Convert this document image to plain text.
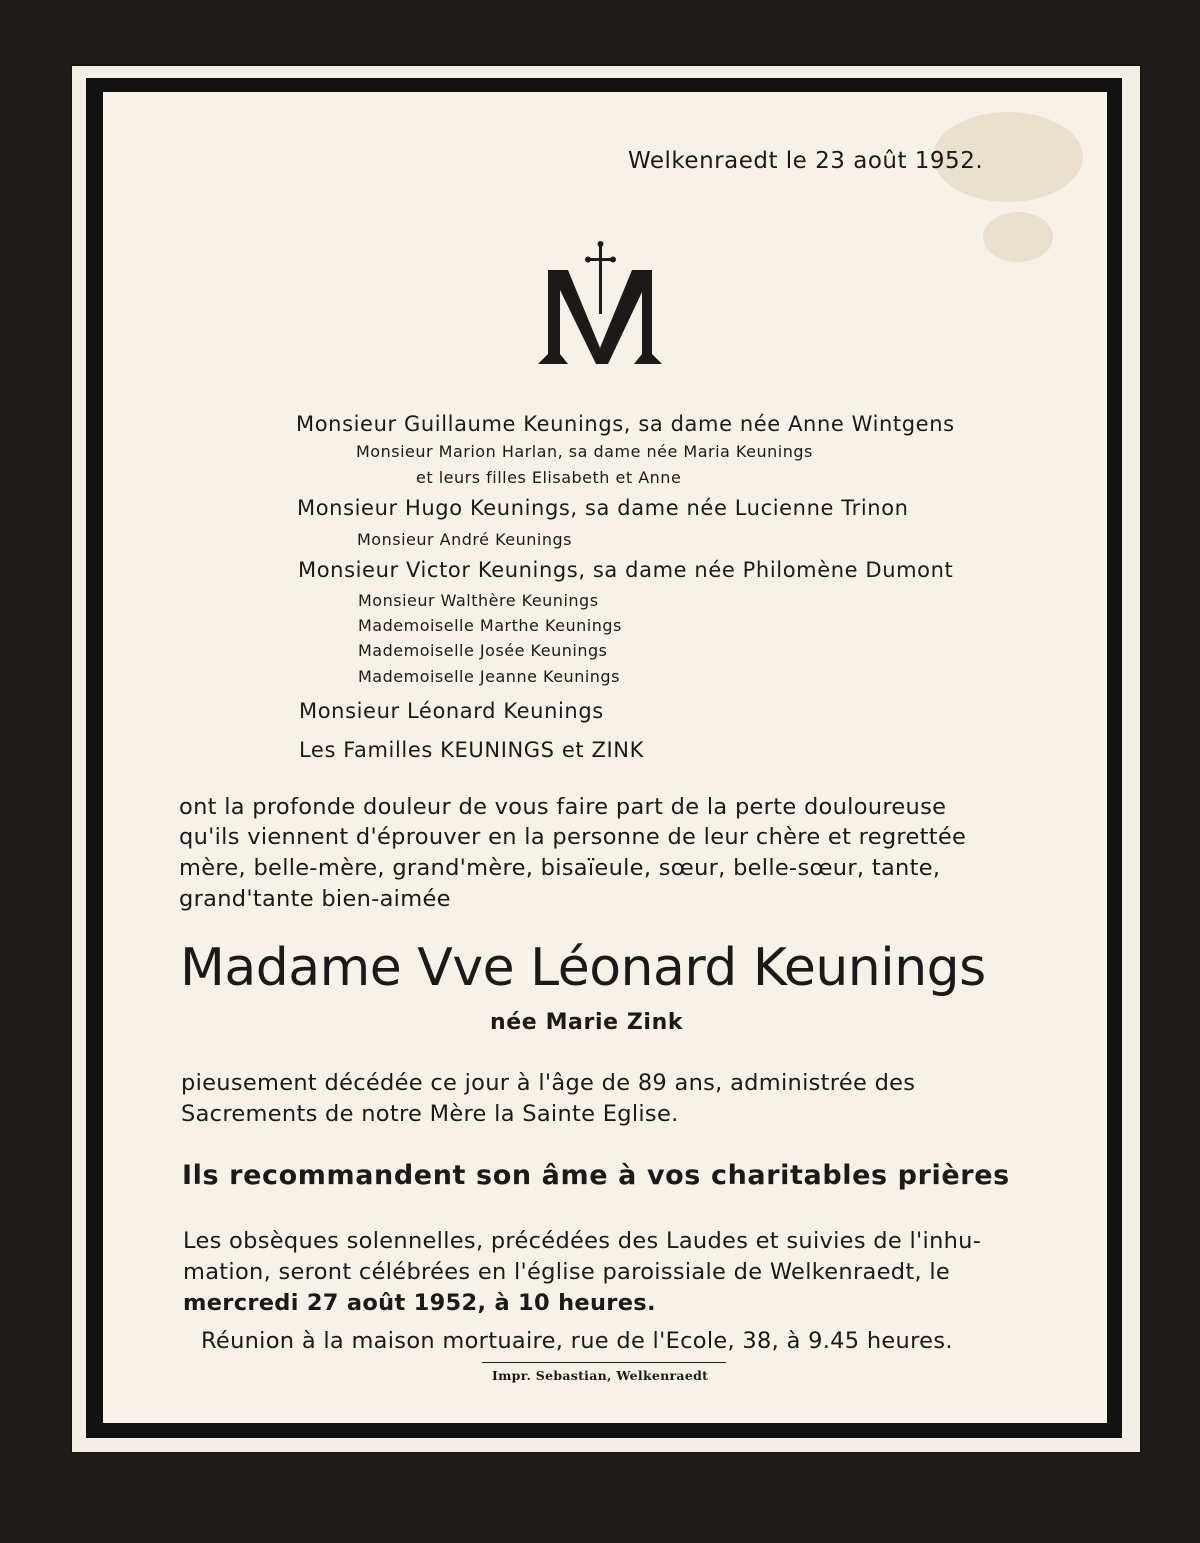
Welkenraedt le 23 août 1952.
Monsieur Guillaume Keunings, sa dame née Anne Wintgens
Monsieur Marion Harlan, sa dame née Maria Keunings
et leurs filles Elisabeth et Anne
Monsieur Hugo Keunings, sa dame née Lucienne Trinon
Monsieur André Keunings
Monsieur Victor Keunings, sa dame née Philomène Dumont
Monsieur Walthère Keunings
Mademoiselle Marthe Keunings
Mademoiselle Josée Keunings
Mademoiselle Jeanne Keunings
Monsieur Léonard Keunings
Les Familles KEUNINGS et ZINK
ont la profonde douleur de vous faire part de la perte douloureuse
qu'ils viennent d'éprouver en la personne de leur chère et regrettée
mère, belle-mère, grand'mère, bisaïeule, sœur, belle-sœur, tante,
grand'tante bien-aimée
Madame Vve Léonard Keunings
née Marie Zink
pieusement décédée ce jour à l'âge de 89 ans, administrée des
Sacrements de notre Mère la Sainte Eglise.
Ils recommandent son âme à vos charitables prières
Les obsèques solennelles, précédées des Laudes et suivies de l'inhu-
mation, seront célébrées en l'église paroissiale de Welkenraedt, le
mercredi 27 août 1952, à 10 heures.
Réunion à la maison mortuaire, rue de l'Ecole, 38, à 9.45 heures.
Impr. Sebastian, Welkenraedt
